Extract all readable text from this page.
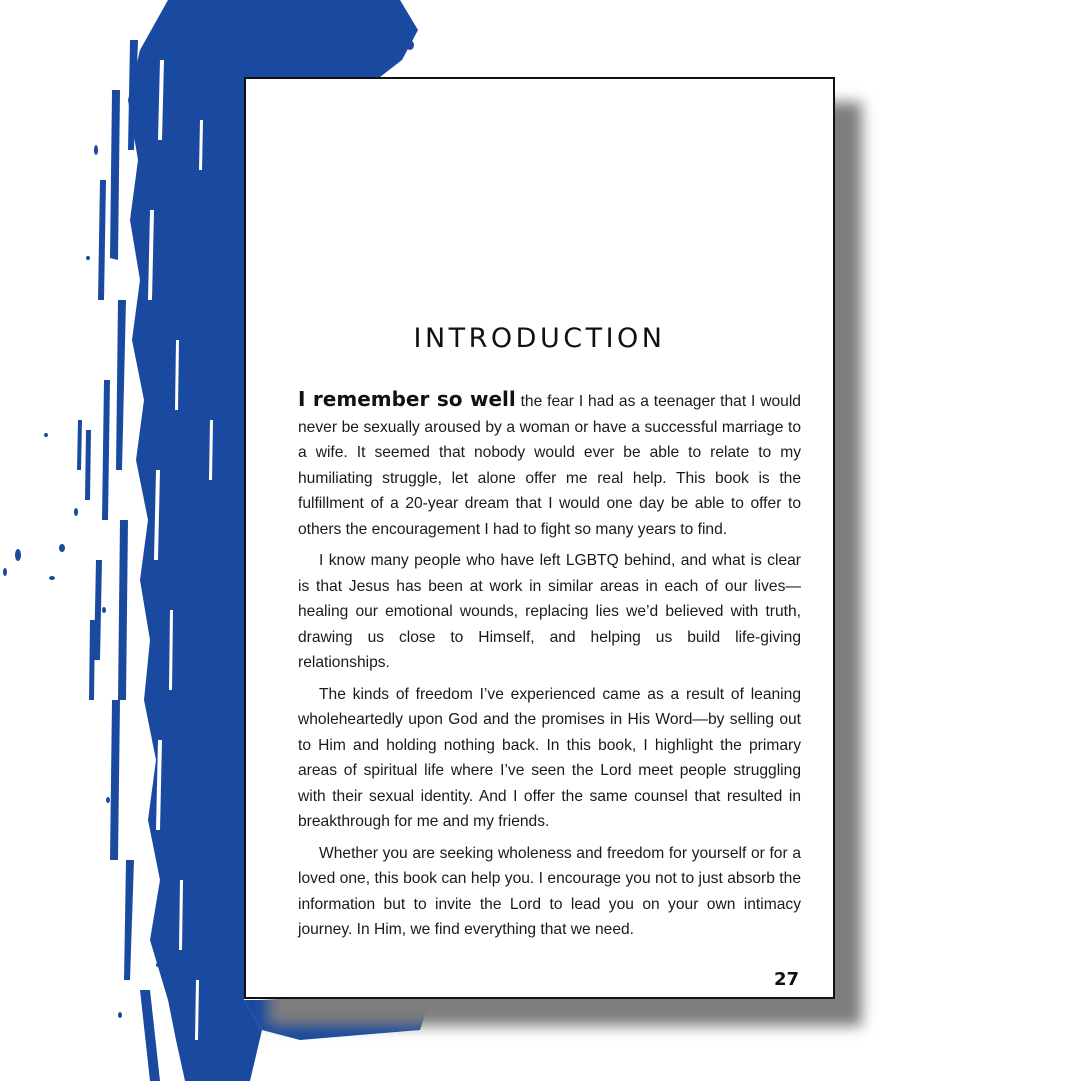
INTRODUCTION

I remember so well the fear I had as a teenager that I would never be sexually aroused by a woman or have a successful marriage to a wife. It seemed that nobody would ever be able to relate to my humiliating struggle, let alone offer me real help. This book is the fulfillment of a 20-year dream that I would one day be able to offer to others the encouragement I had to fight so many years to find.

I know many people who have left LGBTQ behind, and what is clear is that Jesus has been at work in similar areas in each of our lives—healing our emotional wounds, replacing lies we’d believed with truth, drawing us close to Himself, and helping us build life-giving relationships.

The kinds of freedom I’ve experienced came as a result of leaning wholeheartedly upon God and the promises in His Word—by selling out to Him and holding nothing back. In this book, I highlight the primary areas of spiritual life where I’ve seen the Lord meet people struggling with their sexual identity. And I offer the same counsel that resulted in breakthrough for me and my friends.

Whether you are seeking wholeness and freedom for yourself or for a loved one, this book can help you. I encourage you not to just absorb the information but to invite the Lord to lead you on your own intimacy journey. In Him, we find everything that we need.

27
